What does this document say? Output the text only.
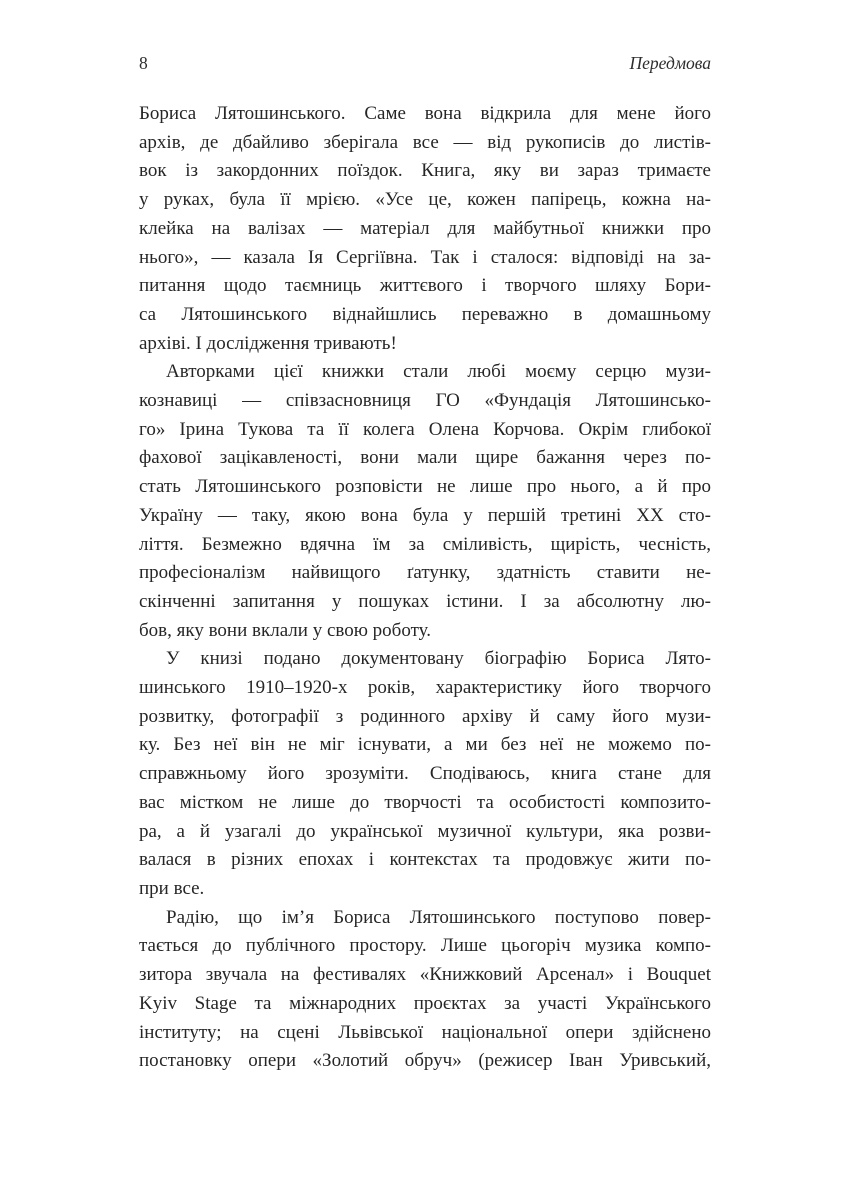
8	Передмова
Бориса Лятошинського. Саме вона відкрила для мене його
архів, де дбайливо зберігала все — від рукописів до листів-
вок із закордонних поїздок. Книга, яку ви зараз тримаєте
у руках, була її мрією. «Усе це, кожен папірець, кожна на-
клейка на валізах — матеріал для майбутньої книжки про
нього», — казала Ія Сергіївна. Так і сталося: відповіді на за-
питання щодо таємниць життєвого і творчого шляху Бори-
са Лятошинського віднайшлись переважно в домашньому
архіві. І дослідження тривають!
Авторками цієї книжки стали любі моєму серцю музи-
кознавиці — співзасновниця ГО «Фундація Лятошинсько-
го» Ірина Тукова та її колега Олена Корчова. Окрім глибокої
фахової зацікавленості, вони мали щире бажання через по-
стать Лятошинського розповісти не лише про нього, а й про
Україну — таку, якою вона була у першій третині ХХ сто-
ліття. Безмежно вдячна їм за сміливість, щирість, чесність,
професіоналізм найвищого ґатунку, здатність ставити не-
скінченні запитання у пошуках істини. І за абсолютну лю-
бов, яку вони вклали у свою роботу.
У книзі подано документовану біографію Бориса Лято-
шинського 1910–1920-х років, характеристику його творчого
розвитку, фотографії з родинного архіву й саму його музи-
ку. Без неї він не міг існувати, а ми без неї не можемо по-
справжньому його зрозуміти. Сподіваюсь, книга стане для
вас містком не лише до творчості та особистості композито-
ра, а й узагалі до української музичної культури, яка розви-
валася в різних епохах і контекстах та продовжує жити по-
при все.
Радію, що ім’я Бориса Лятошинського поступово повер-
тається до публічного простору. Лише цьогоріч музика компо-
зитора звучала на фестивалях «Книжковий Арсенал» і Bouquet
Kyiv Stage та міжнародних проєктах за участі Українського
інституту; на сцені Львівської національної опери здійснено
постановку опери «Золотий обруч» (режисер Іван Уривський,
